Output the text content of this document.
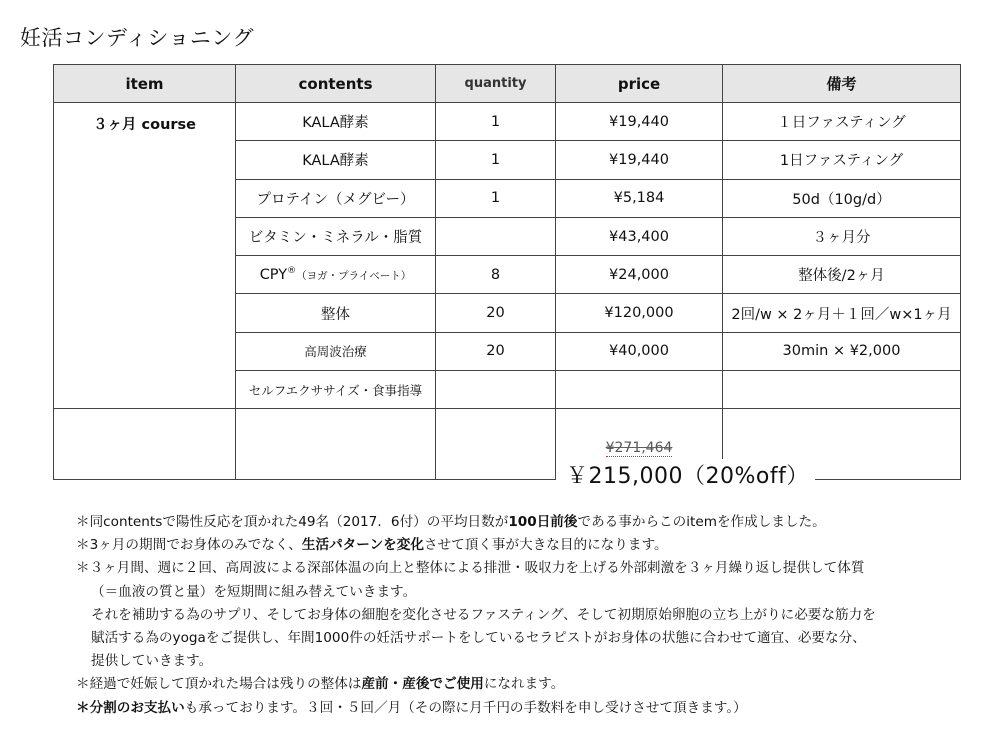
妊活コンディショニング
item	contents	quantity	price	備考
３ヶ月 course	KALA酵素	1	¥19,440	１日ファスティング
	KALA酵素	1	¥19,440	1日ファスティング
	プロテイン（メグビー）	1	¥5,184	50d（10g/d）
	ビタミン・ミネラル・脂質		¥43,400	３ヶ月分
	CPY®（ヨガ・プライベート）	8	¥24,000	整体後/2ヶ月
	整体	20	¥120,000	2回/w × 2ヶ月＋１回／w×1ヶ月
	高周波治療	20	¥40,000	30min × ¥2,000
	セルフエクササイズ・食事指導			
			¥271,464	
￥215,000（20%off）
＊同contentsで陽性反応を頂かれた49名（2017．6付）の平均日数が100日前後である事からこのitemを作成しました。
＊3ヶ月の期間でお身体のみでなく、生活パターンを変化させて頂く事が大きな目的になります。
＊３ヶ月間、週に２回、高周波による深部体温の向上と整体による排泄・吸収力を上げる外部刺激を３ヶ月繰り返し提供して体質
（＝血液の質と量）を短期間に組み替えていきます。
それを補助する為のサプリ、そしてお身体の細胞を変化させるファスティング、そして初期原始卵胞の立ち上がりに必要な筋力を
賦活する為のyogaをご提供し、年間1000件の妊活サポートをしているセラピストがお身体の状態に合わせて適宜、必要な分、
提供していきます。
＊経過で妊娠して頂かれた場合は残りの整体は産前・産後でご使用になれます。
＊分割のお支払いも承っております。３回・５回／月（その際に月千円の手数料を申し受けさせて頂きます。）
